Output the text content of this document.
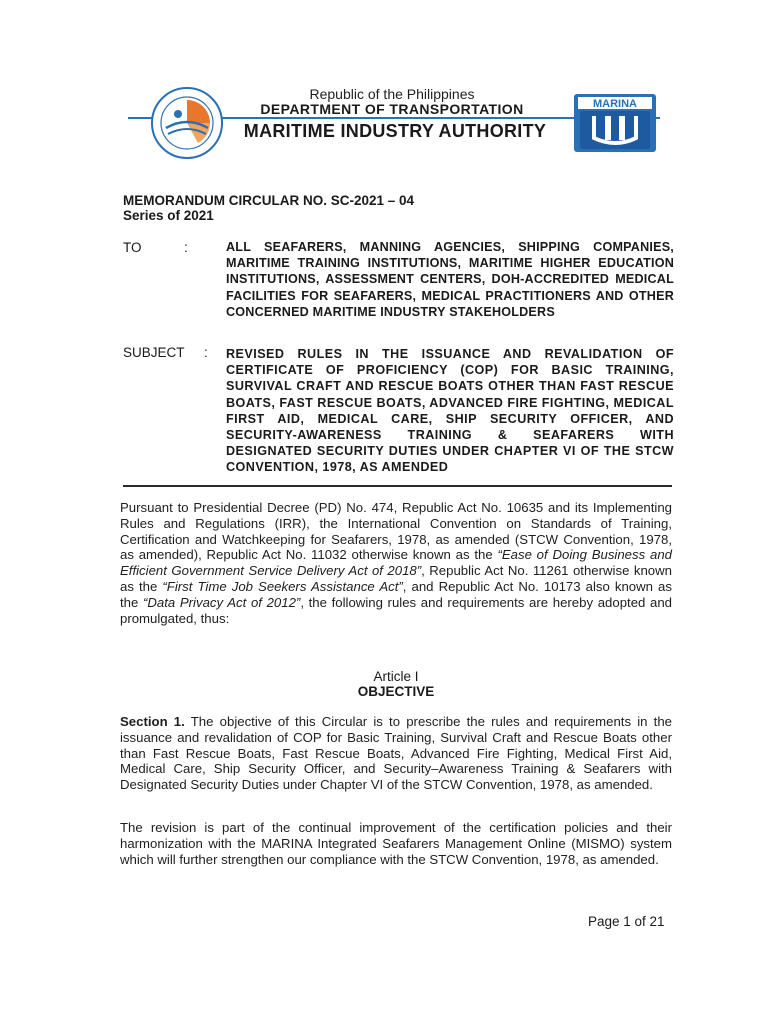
Republic of the Philippines
DEPARTMENT OF TRANSPORTATION
MARITIME INDUSTRY AUTHORITY
MARINA
MEMORANDUM CIRCULAR NO. SC-2021 – 04
Series of 2021
TO	:	ALL SEAFARERS, MANNING AGENCIES, SHIPPING COMPANIES, MARITIME TRAINING INSTITUTIONS, MARITIME HIGHER EDUCATION INSTITUTIONS, ASSESSMENT CENTERS, DOH-ACCREDITED MEDICAL FACILITIES FOR SEAFARERS, MEDICAL PRACTITIONERS AND OTHER CONCERNED MARITIME INDUSTRY STAKEHOLDERS
SUBJECT : REVISED RULES IN THE ISSUANCE AND REVALIDATION OF CERTIFICATE OF PROFICIENCY (COP) FOR BASIC TRAINING, SURVIVAL CRAFT AND RESCUE BOATS OTHER THAN FAST RESCUE BOATS, FAST RESCUE BOATS, ADVANCED FIRE FIGHTING, MEDICAL FIRST AID, MEDICAL CARE, SHIP SECURITY OFFICER, AND SECURITY-AWARENESS TRAINING & SEAFARERS WITH DESIGNATED SECURITY DUTIES UNDER CHAPTER VI OF THE STCW CONVENTION, 1978, AS AMENDED
Pursuant to Presidential Decree (PD) No. 474, Republic Act No. 10635 and its Implementing Rules and Regulations (IRR), the International Convention on Standards of Training, Certification and Watchkeeping for Seafarers, 1978, as amended (STCW Convention, 1978, as amended), Republic Act No. 11032 otherwise known as the “Ease of Doing Business and Efficient Government Service Delivery Act of 2018”, Republic Act No. 11261 otherwise known as the “First Time Job Seekers Assistance Act”, and Republic Act No. 10173 also known as the “Data Privacy Act of 2012”, the following rules and requirements are hereby adopted and promulgated, thus:
Article I
OBJECTIVE
Section 1. The objective of this Circular is to prescribe the rules and requirements in the issuance and revalidation of COP for Basic Training, Survival Craft and Rescue Boats other than Fast Rescue Boats, Fast Rescue Boats, Advanced Fire Fighting, Medical First Aid, Medical Care, Ship Security Officer, and Security–Awareness Training & Seafarers with Designated Security Duties under Chapter VI of the STCW Convention, 1978, as amended.
The revision is part of the continual improvement of the certification policies and their harmonization with the MARINA Integrated Seafarers Management Online (MISMO) system which will further strengthen our compliance with the STCW Convention, 1978, as amended.
Page 1 of 21
